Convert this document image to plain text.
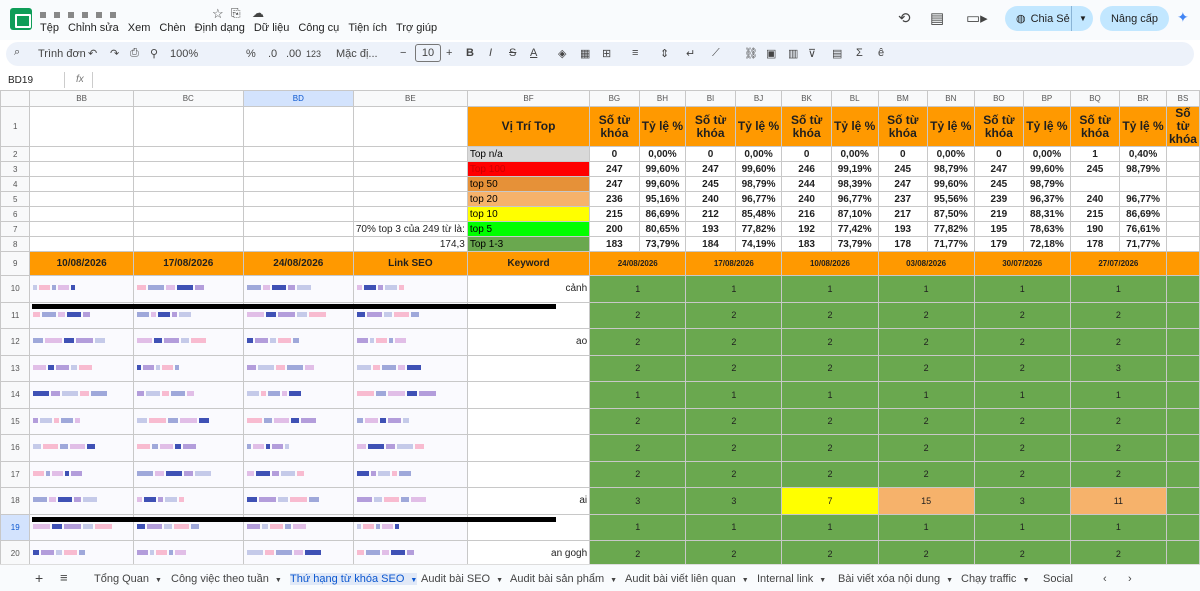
☆ ⎘ ☁
Tệp Chỉnh sửa Xem Chèn Định dạng Dữ liệu Công cụ Tiện ích Trợ giúp
⟲ ▤ ▭▸	◍ Chia Sẻ ▼	Nâng cấp	✦
⌕ Trình đơn ↶ ↷ ⎙ ⚲ 100%	% .0 .00 123 Mặc đị... −	10	+ B I S A ◈ ▦ ⊞ ≡ ⇕ ↵ ⟋ ⛓ ▣ ▥ ⊽ ▤ Σ ê
BD19	fx
	BB	BC	BD	BE	BF	BG	BH	BI	BJ	BK	BL	BM	BN	BO	BP	BQ	BR	BS
1					Vị Trí Top	Số từ khóa	Tỷ lệ %	Số từ khóa	Tỷ lệ %	Số từ khóa	Tỷ lệ %	Số từ khóa	Tỷ lệ %	Số từ khóa	Tỷ lệ %	Số từ khóa	Tỷ lệ %	Số từ khóa
2					Top n/a	0	0,00%	0	0,00%	0	0,00%	0	0,00%	0	0,00%	1	0,40%	
3					Top 100	247	99,60%	247	99,60%	246	99,19%	245	98,79%	247	99,60%	245	98,79%	
4					top 50	247	99,60%	245	98,79%	244	98,39%	247	99,60%	245	98,79%			
5					top 20	236	95,16%	240	96,77%	240	96,77%	237	95,56%	239	96,37%	240	96,77%	
6					top 10	215	86,69%	212	85,48%	216	87,10%	217	87,50%	219	88,31%	215	86,69%	
7				70% top 3 của 249 từ là:	top 5	200	80,65%	193	77,82%	192	77,42%	193	77,82%	195	78,63%	190	76,61%	
8				174,3	Top 1-3	183	73,79%	184	74,19%	183	73,79%	178	71,77%	179	72,18%	178	71,77%	
9	10/08/2026	17/08/2026	24/08/2026	Link SEO	Keyword	24/08/2026		17/08/2026		10/08/2026		03/08/2026		30/07/2026		27/07/2026		
10					cảnh	1		1		1		1		1		1		
11						2		2		2		2		2		2		
12					ao	2		2		2		2		2		2		
13						2		2		2		2		2		3		
14						1		1		1		1		1		1		
15						2		2		2		2		2		2		
16						2		2		2		2		2		2		
17						2		2		2		2		2		2		
18					ai	3		3		7		15		3		11		
19						1		1		1		1		1		1		
20					an gogh	2		2		2		2		2		2		
+ ≡ Tổng Quan ▼ Công việc theo tuần ▼ Thứ hạng từ khóa SEO ▼ Audit bài SEO ▼ Audit bài sản phẩm ▼ Audit bài viết liên quan ▼ Internal link ▼ Bài viết xóa nội dung ▼ Chạy traffic ▼ Social	‹ ›
